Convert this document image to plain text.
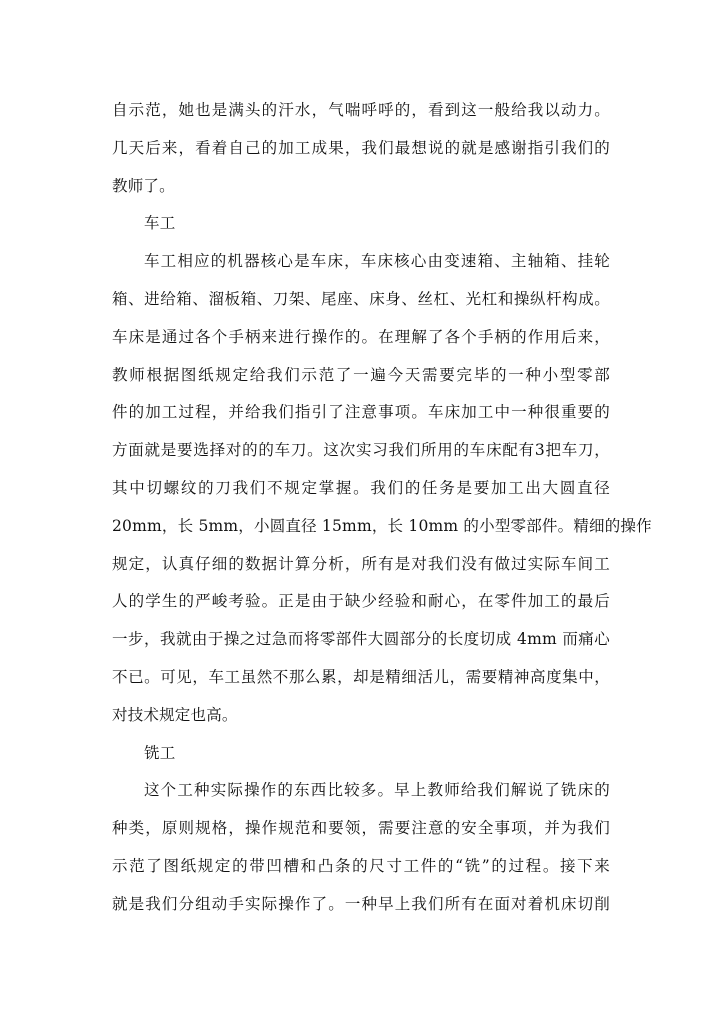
自示范，她也是满头的汗水，气喘呼呼的，看到这一般给我以动力。
几天后来，看着自己的加工成果，我们最想说的就是感谢指引我们的
教师了。
车工
车工相应的机器核心是车床，车床核心由变速箱、主轴箱、挂轮
箱、进给箱、溜板箱、刀架、尾座、床身、丝杠、光杠和操纵杆构成。
车床是通过各个手柄来进行操作的。在理解了各个手柄的作用后来，
教师根据图纸规定给我们示范了一遍今天需要完毕的一种小型零部
件的加工过程，并给我们指引了注意事项。车床加工中一种很重要的
方面就是要选择对的的车刀。这次实习我们所用的车床配有3把车刀，
其中切螺纹的刀我们不规定掌握。我们的任务是要加工出大圆直径
20mm，长 5mm，小圆直径 15mm，长 10mm 的小型零部件。精细的操作
规定，认真仔细的数据计算分析，所有是对我们没有做过实际车间工
人的学生的严峻考验。正是由于缺少经验和耐心，在零件加工的最后
一步，我就由于操之过急而将零部件大圆部分的长度切成 4mm 而痛心
不已。可见，车工虽然不那么累，却是精细活儿，需要精神高度集中，
对技术规定也高。
铣工
这个工种实际操作的东西比较多。早上教师给我们解说了铣床的
种类，原则规格，操作规范和要领，需要注意的安全事项，并为我们
示范了图纸规定的带凹槽和凸条的尺寸工件的“铣”的过程。接下来
就是我们分组动手实际操作了。一种早上我们所有在面对着机床切削
